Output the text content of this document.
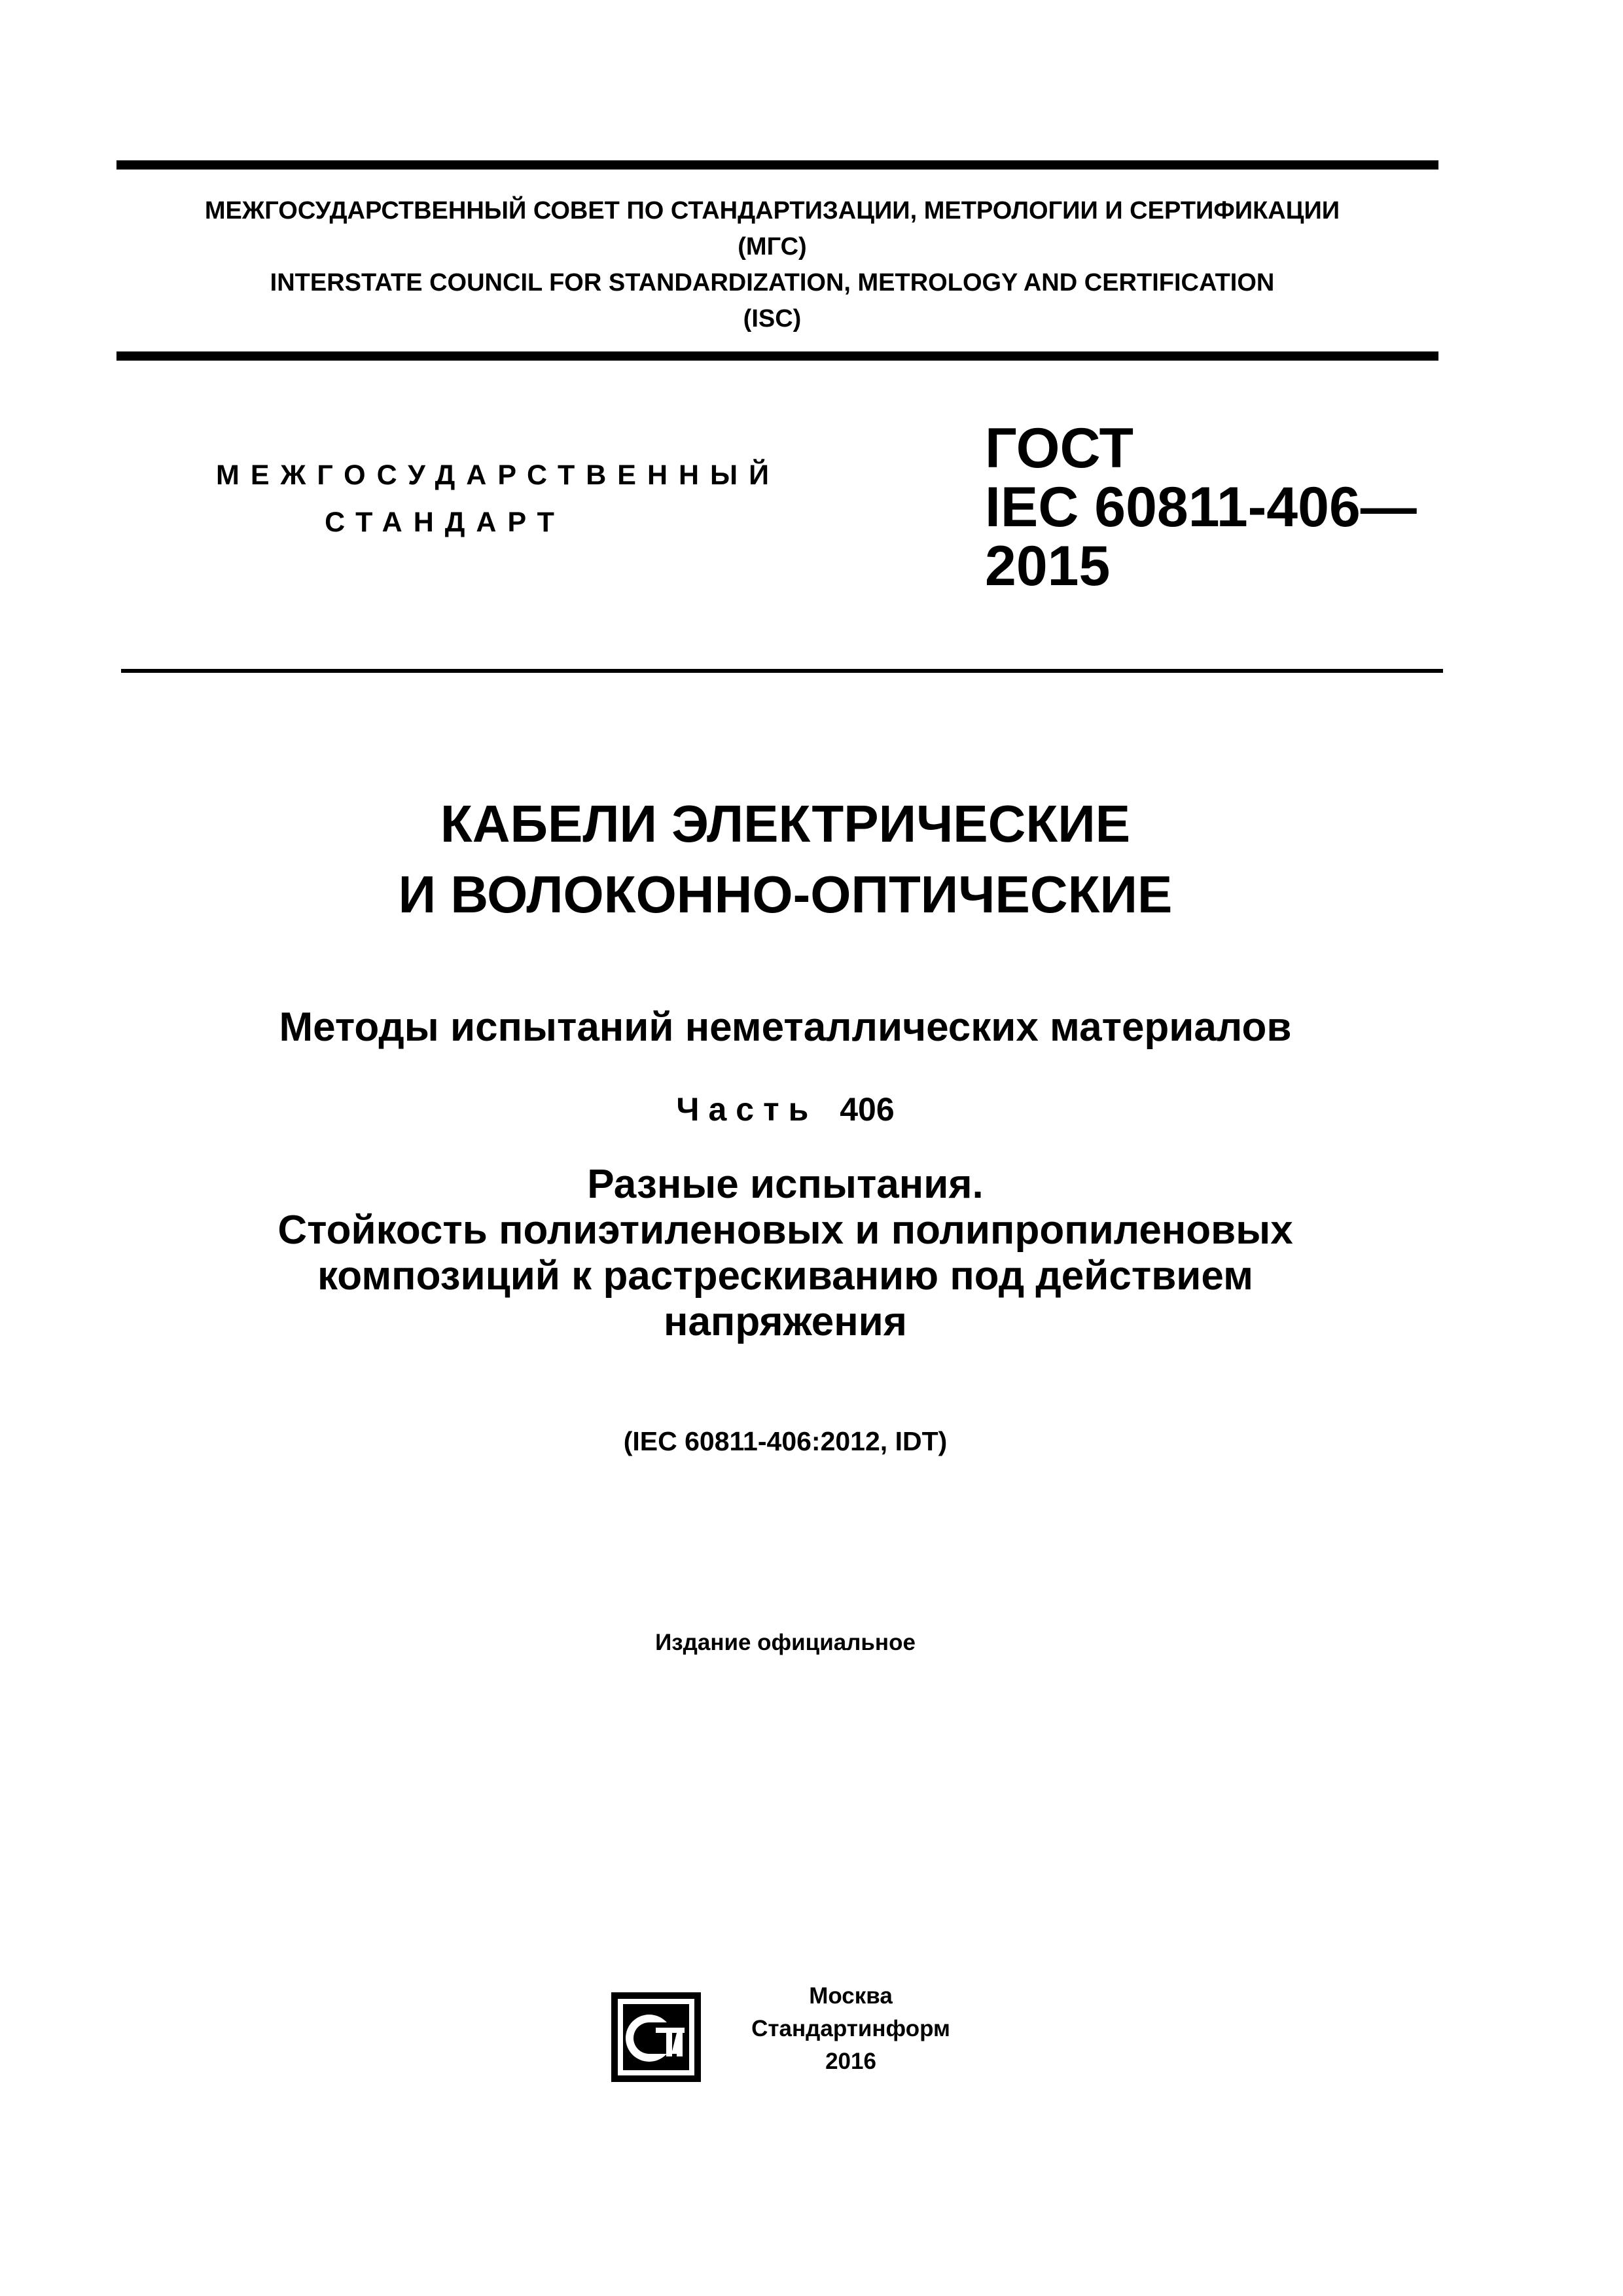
МЕЖГОСУДАРСТВЕННЫЙ СОВЕТ ПО СТАНДАРТИЗАЦИИ, МЕТРОЛОГИИ И СЕРТИФИКАЦИИ
(МГС)
INTERSTATE COUNCIL FOR STANDARDIZATION, METROLOGY AND CERTIFICATION
(ISC)
МЕЖГОСУДАРСТВЕННЫЙ
СТАНДАРТ
ГОСТ
IEC 60811-406—
2015
КАБЕЛИ ЭЛЕКТРИЧЕСКИЕ
И ВОЛОКОННО-ОПТИЧЕСКИЕ
Методы испытаний неметаллических материалов
Часть 406
Разные испытания.
Стойкость полиэтиленовых и полипропиленовых
композиций к растрескиванию под действием
напряжения
(IEC 60811-406:2012, IDT)
Издание официальное
Москва
Стандартинформ
2016
